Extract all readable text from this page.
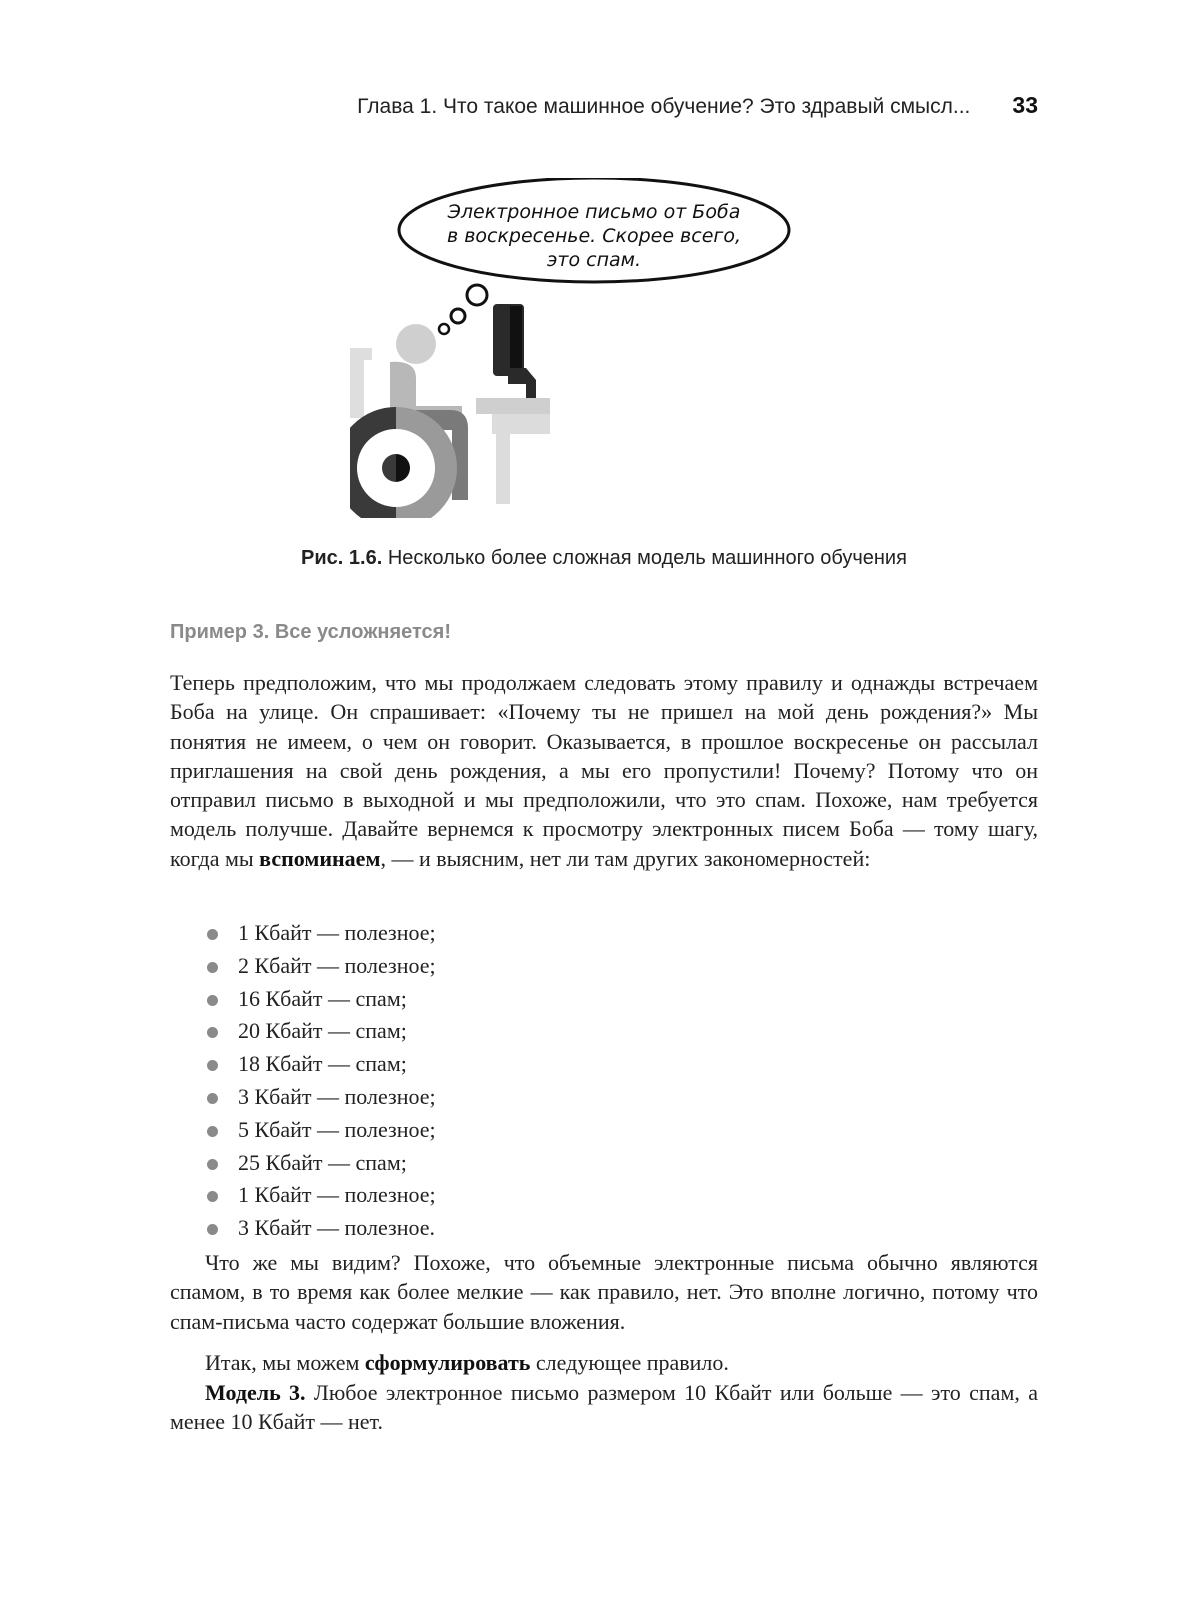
Глава 1. Что такое машинное обучение? Это здравый смысл... 33
Электронное письмо от Боба
в воскресенье. Скорее всего,
это спам.
Рис. 1.6. Несколько более сложная модель машинного обучения
Пример 3. Все усложняется!
Теперь предположим, что мы продолжаем следовать этому правилу и однажды встречаем Боба на улице. Он спрашивает: «Почему ты не пришел на мой день рождения?» Мы понятия не имеем, о чем он говорит. Оказывается, в прошлое воскресенье он рассылал приглашения на свой день рождения, а мы его пропустили! Почему? Потому что он отправил письмо в выходной и мы предположили, что это спам. Похоже, нам требуется модель получше. Давайте вернемся к просмотру электронных писем Боба — тому шагу, когда мы вспоминаем, — и выясним, нет ли там других закономерностей:
1 Кбайт — полезное;
2 Кбайт — полезное;
16 Кбайт — спам;
20 Кбайт — спам;
18 Кбайт — спам;
3 Кбайт — полезное;
5 Кбайт — полезное;
25 Кбайт — спам;
1 Кбайт — полезное;
3 Кбайт — полезное.
Что же мы видим? Похоже, что объемные электронные письма обычно являются спамом, в то время как более мелкие — как правило, нет. Это вполне логично, потому что спам-письма часто содержат большие вложения.
Итак, мы можем сформулировать следующее правило.
Модель 3. Любое электронное письмо размером 10 Кбайт или больше — это спам, а менее 10 Кбайт — нет.
